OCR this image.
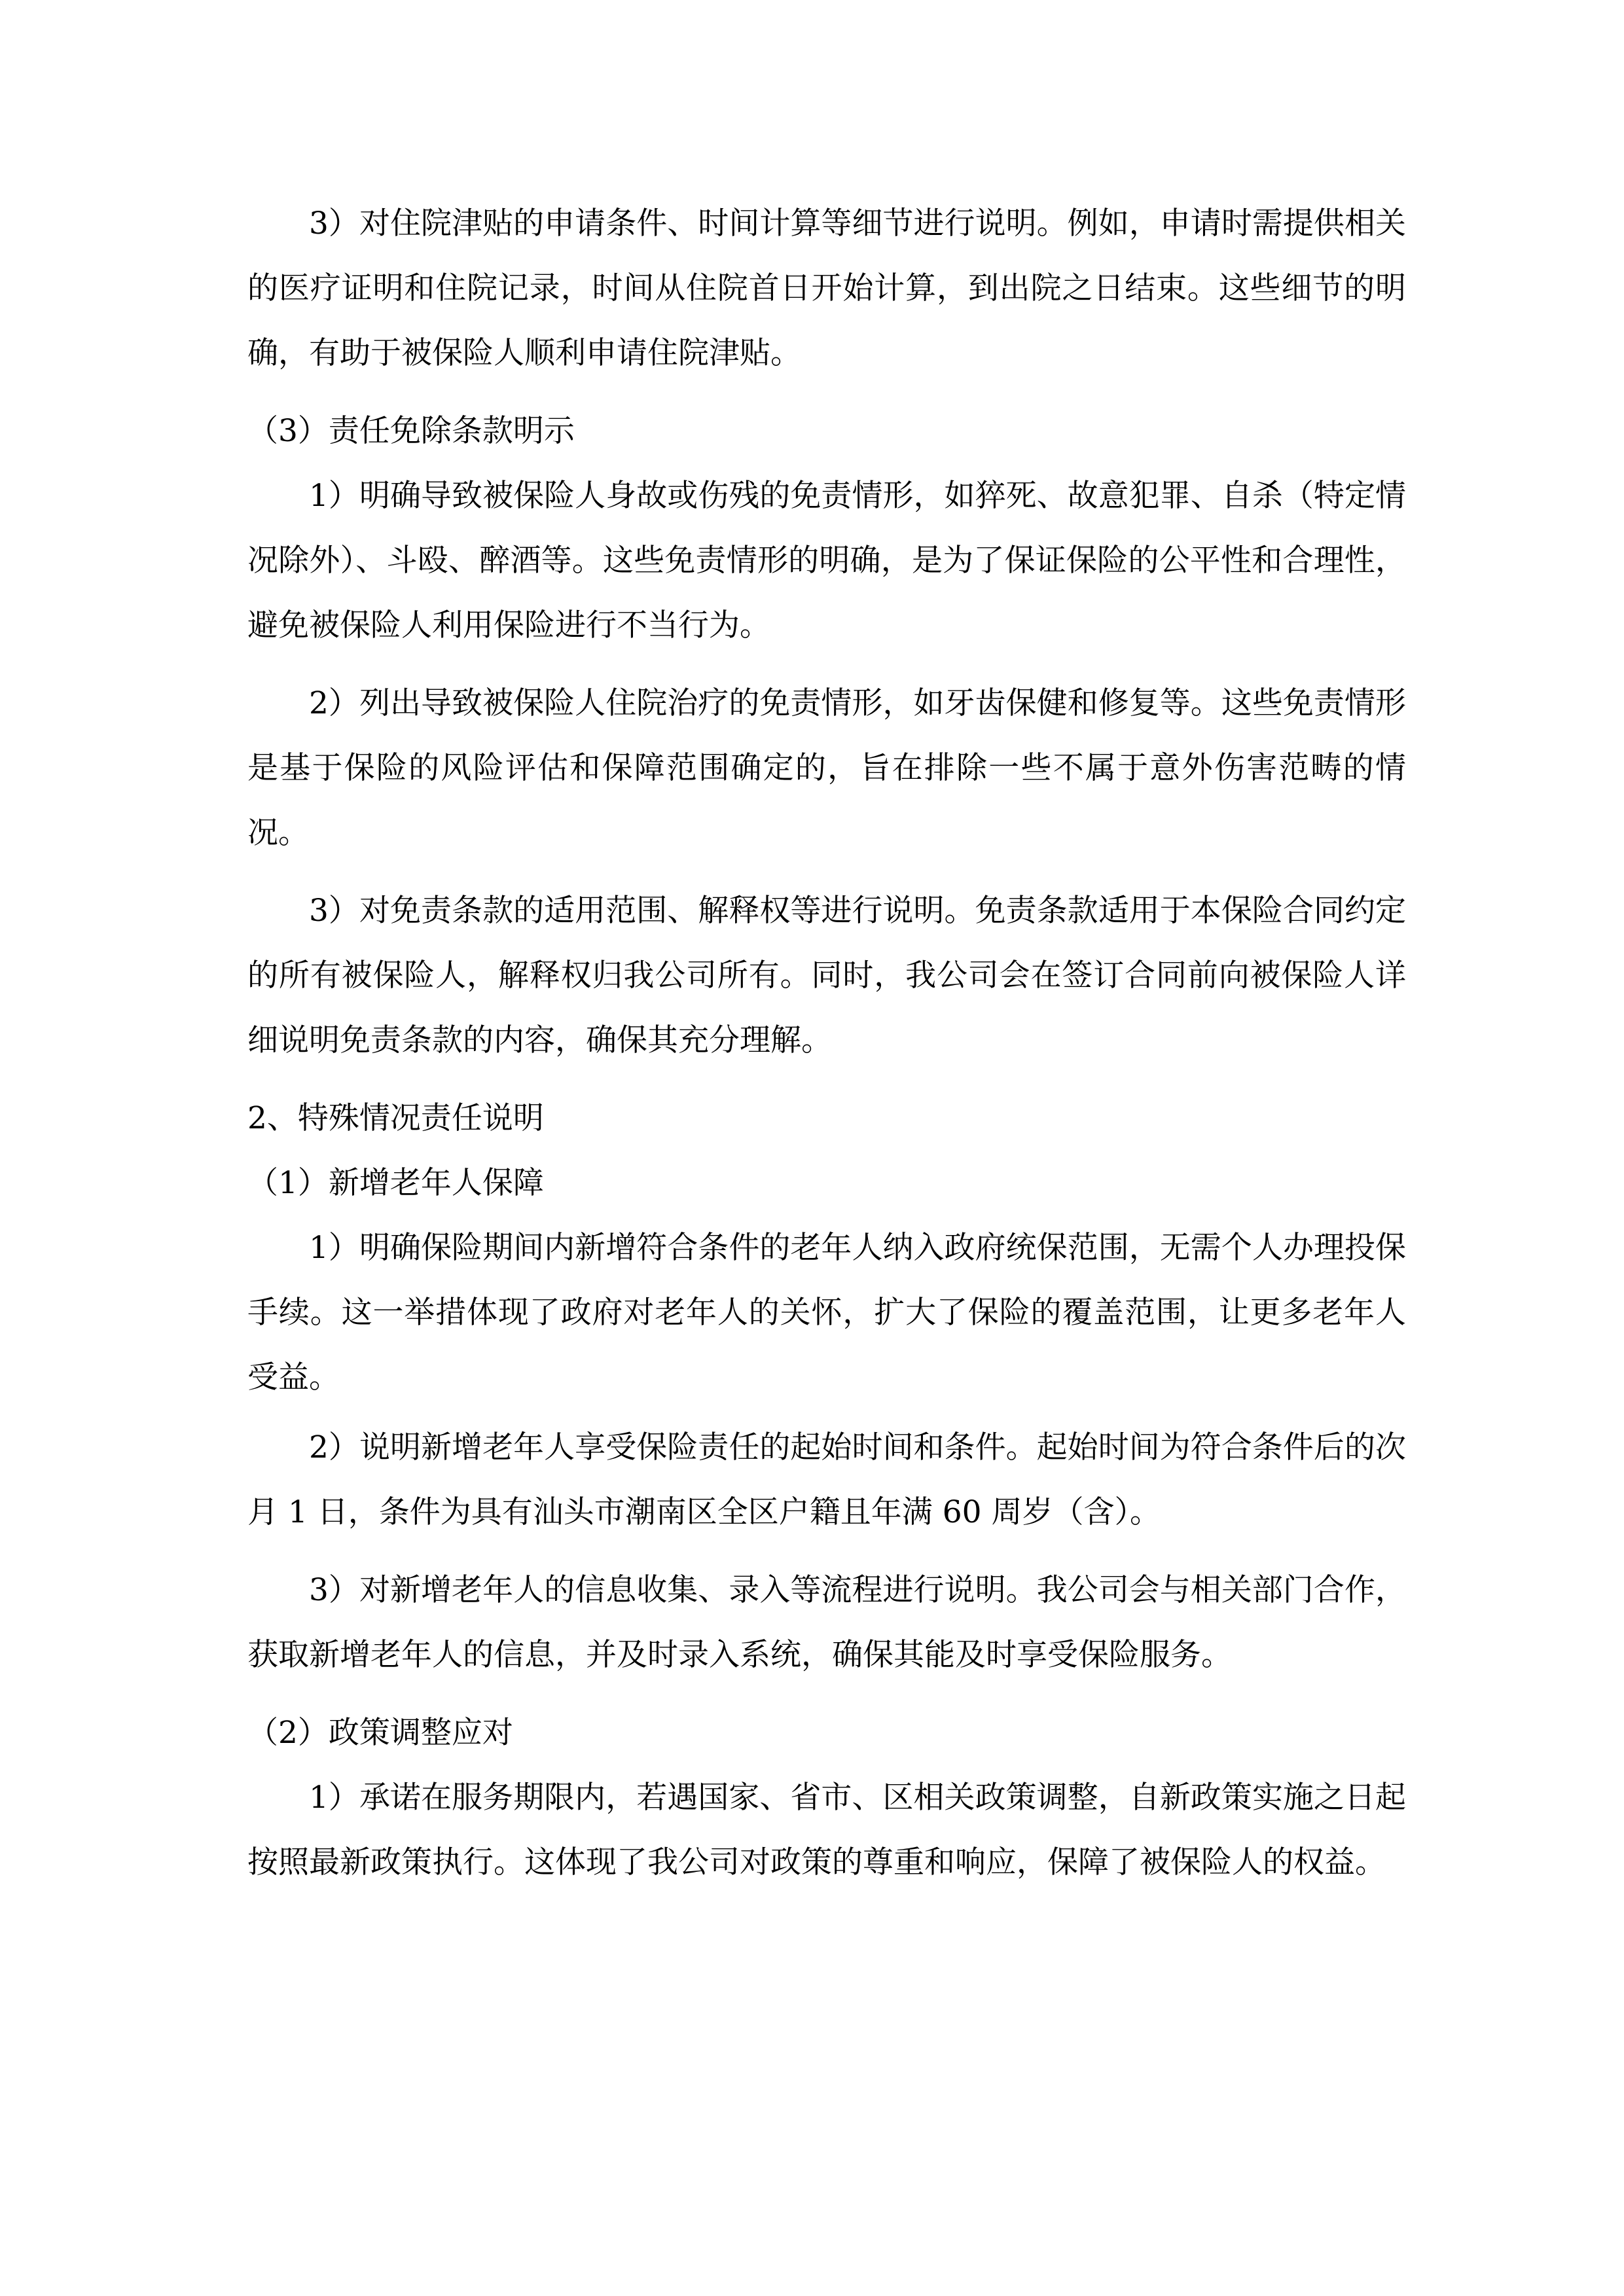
3）对住院津贴的申请条件、时间计算等细节进行说明。例如，申请时需提供相关的医疗证明和住院记录，时间从住院首日开始计算，到出院之日结束。这些细节的明确，有助于被保险人顺利申请住院津贴。

（3）责任免除条款明示

1）明确导致被保险人身故或伤残的免责情形，如猝死、故意犯罪、自杀（特定情况除外）、斗殴、醉酒等。这些免责情形的明确，是为了保证保险的公平性和合理性，避免被保险人利用保险进行不当行为。

2）列出导致被保险人住院治疗的免责情形，如牙齿保健和修复等。这些免责情形是基于保险的风险评估和保障范围确定的，旨在排除一些不属于意外伤害范畴的情况。

3）对免责条款的适用范围、解释权等进行说明。免责条款适用于本保险合同约定的所有被保险人，解释权归我公司所有。同时，我公司会在签订合同前向被保险人详细说明免责条款的内容，确保其充分理解。

2、特殊情况责任说明

（1）新增老年人保障

1）明确保险期间内新增符合条件的老年人纳入政府统保范围，无需个人办理投保手续。这一举措体现了政府对老年人的关怀，扩大了保险的覆盖范围，让更多老年人受益。

2）说明新增老年人享受保险责任的起始时间和条件。起始时间为符合条件后的次月 1 日，条件为具有汕头市潮南区全区户籍且年满 60 周岁（含）。

3）对新增老年人的信息收集、录入等流程进行说明。我公司会与相关部门合作，获取新增老年人的信息，并及时录入系统，确保其能及时享受保险服务。

（2）政策调整应对

1）承诺在服务期限内，若遇国家、省市、区相关政策调整，自新政策实施之日起按照最新政策执行。这体现了我公司对政策的尊重和响应，保障了被保险人的权益。
